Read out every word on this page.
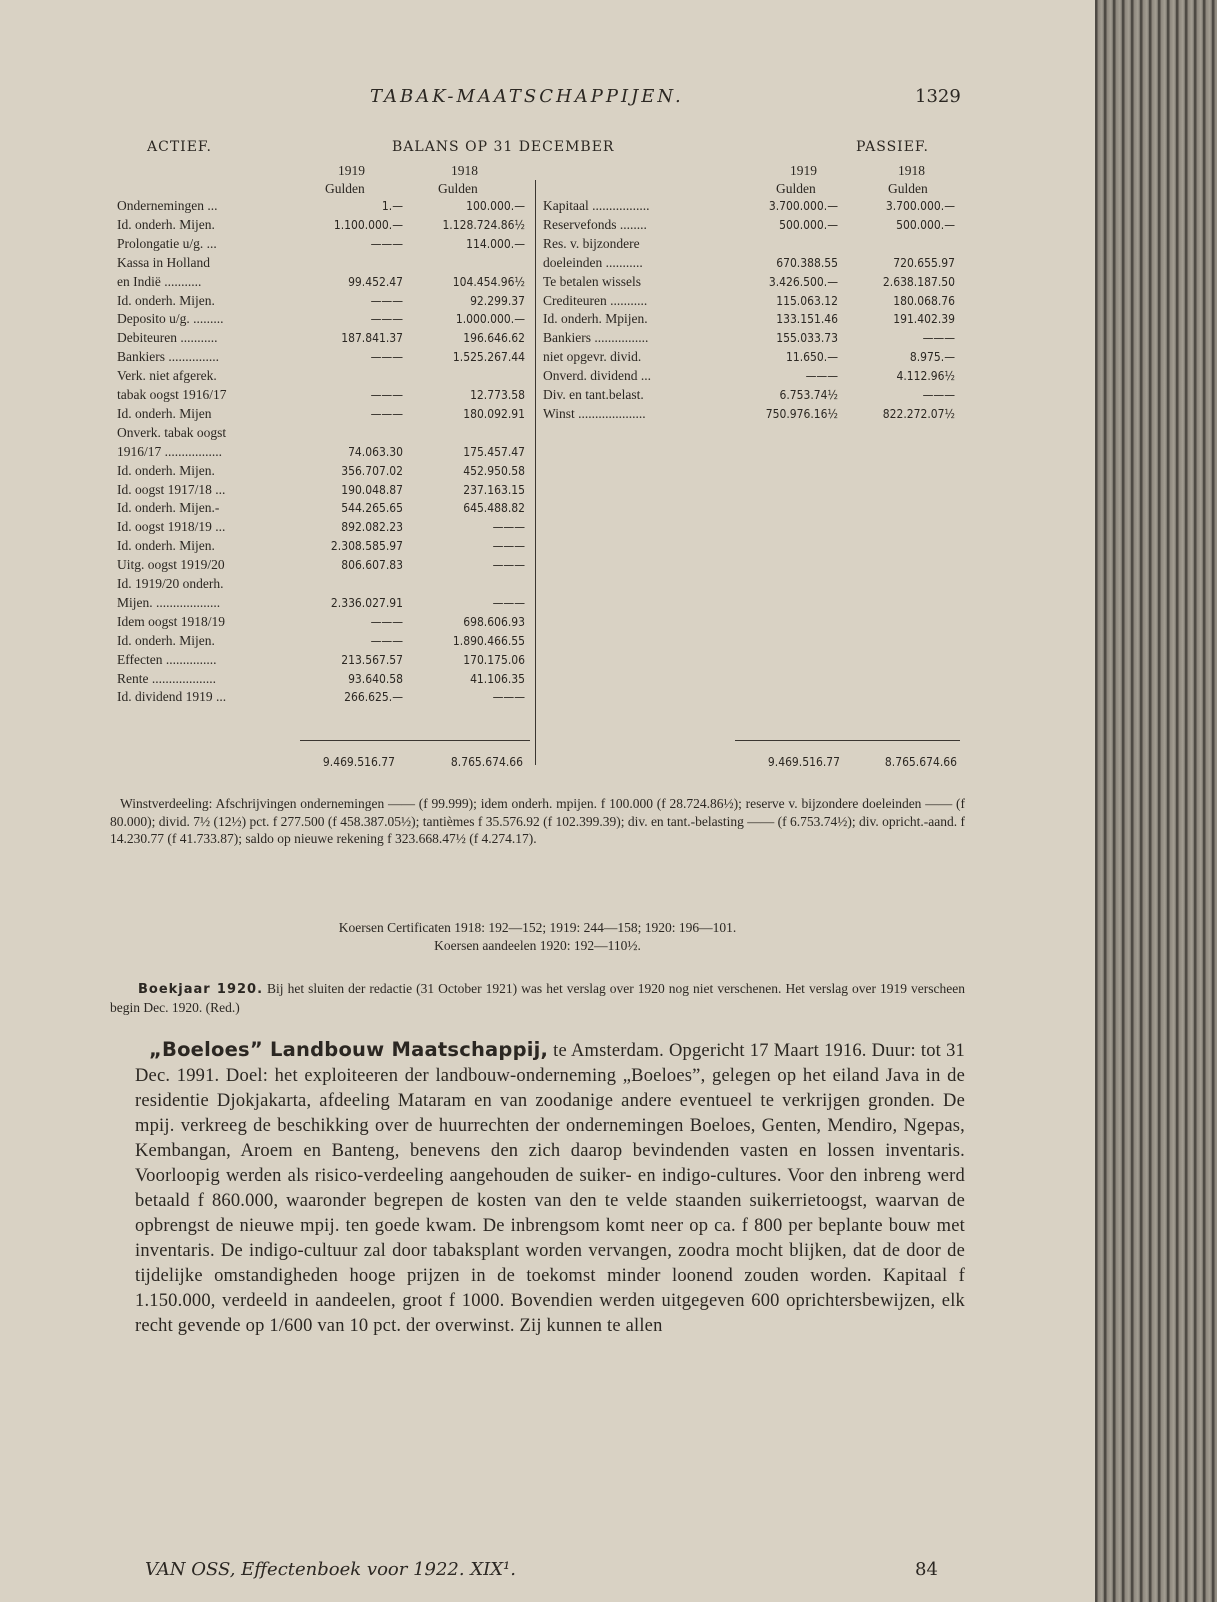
TABAK-MAATSCHAPPIJEN.	1329
ACTIEF.	BALANS OP 31 DECEMBER	PASSIEF.
1919	1918
Gulden	Gulden
1919	1918
Gulden	Gulden
Ondernemingen ...	1.—	100.000.—
Id. onderh. Mijen.	1.100.000.—	1.128.724.86½
Prolongatie u/g. ...	———	114.000.—
Kassa in Holland
en Indië ...........	99.452.47	104.454.96½
Id. onderh. Mijen.	———	92.299.37
Deposito u/g. .........	———	1.000.000.—
Debiteuren ...........	187.841.37	196.646.62
Bankiers ...............	———	1.525.267.44
Verk. niet afgerek.
tabak oogst 1916/17	———	12.773.58
Id. onderh. Mijen	———	180.092.91
Onverk. tabak oogst
1916/17 .................	74.063.30	175.457.47
Id. onderh. Mijen.	356.707.02	452.950.58
Id. oogst 1917/18 ...	190.048.87	237.163.15
Id. onderh. Mijen.-	544.265.65	645.488.82
Id. oogst 1918/19 ...	892.082.23	———
Id. onderh. Mijen.	2.308.585.97	———
Uitg. oogst 1919/20	806.607.83	———
Id. 1919/20 onderh.
Mijen. ...................	2.336.027.91	———
Idem oogst 1918/19	———	698.606.93
Id. onderh. Mijen.	———	1.890.466.55
Effecten ...............	213.567.57	170.175.06
Rente ...................	93.640.58	41.106.35
Id. dividend 1919 ...	266.625.—	———
Kapitaal .................	3.700.000.—	3.700.000.—
Reservefonds ........	500.000.—	500.000.—
Res. v. bijzondere
doeleinden ...........	670.388.55	720.655.97
Te betalen wissels	3.426.500.—	2.638.187.50
Crediteuren ...........	115.063.12	180.068.76
Id. onderh. Mpijen.	133.151.46	191.402.39
Bankiers ................	155.033.73	———
niet opgevr. divid.	11.650.—	8.975.—
Onverd. dividend ...	———	4.112.96½
Div. en tant.belast.	6.753.74½	———
Winst ....................	750.976.16½	822.272.07½
9.469.516.77	8.765.674.66	9.469.516.77	8.765.674.66
Winstverdeeling: Afschrijvingen ondernemingen —— (f 99.999); idem onderh. mpijen. f 100.000 (f 28.724.86½); reserve v. bijzondere doeleinden —— (f 80.000); divid. 7½ (12½) pct. f 277.500 (f 458.387.05½); tantièmes f 35.576.92 (f 102.399.39); div. en tant.-belasting —— (f 6.753.74½); div. opricht.-aand. f 14.230.77 (f 41.733.87); saldo op nieuwe rekening f 323.668.47½ (f 4.274.17).
Koersen Certificaten 1918: 192—152; 1919: 244—158; 1920: 196—101.
Koersen aandeelen 1920: 192—110½.
Boekjaar 1920. Bij het sluiten der redactie (31 October 1921) was het verslag over 1920 nog niet verschenen. Het verslag over 1919 verscheen begin Dec. 1920. (Red.)
„Boeloes” Landbouw Maatschappij, te Amsterdam. Opgericht 17 Maart 1916. Duur: tot 31 Dec. 1991. Doel: het exploiteeren der landbouw-onderneming „Boeloes”, gelegen op het eiland Java in de residentie Djokjakarta, afdeeling Mataram en van zoodanige andere eventueel te verkrijgen gronden. De mpij. verkreeg de beschikking over de huurrechten der ondernemingen Boeloes, Genten, Mendiro, Ngepas, Kembangan, Aroem en Banteng, benevens den zich daarop bevindenden vasten en lossen inventaris. Voorloopig werden als risico-verdeeling aangehouden de suiker- en indigo-cultures. Voor den inbreng werd betaald f 860.000, waaronder begrepen de kosten van den te velde staanden suikerrietoogst, waarvan de opbrengst de nieuwe mpij. ten goede kwam. De inbrengsom komt neer op ca. f 800 per beplante bouw met inventaris. De indigo-cultuur zal door tabaksplant worden vervangen, zoodra mocht blijken, dat de door de tijdelijke omstandigheden hooge prijzen in de toekomst minder loonend zouden worden. Kapitaal f 1.150.000, verdeeld in aandeelen, groot f 1000. Bovendien werden uitgegeven 600 oprichtersbewijzen, elk recht gevende op 1/600 van 10 pct. der overwinst. Zij kunnen te allen
VAN OSS, Effectenboek voor 1922. XIX¹.	84
